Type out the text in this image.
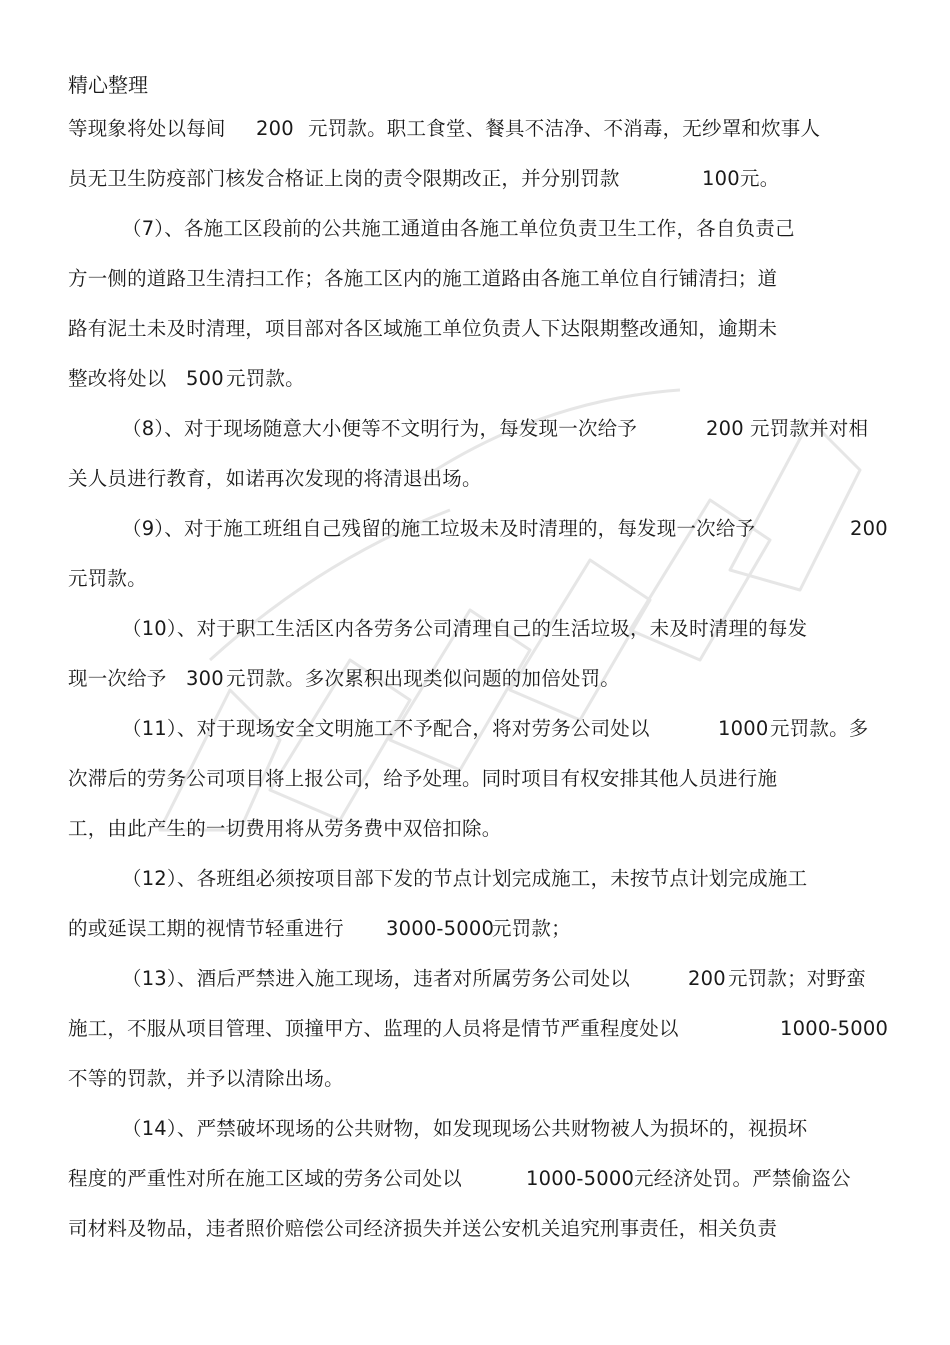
精心整理
等现象将处以每间 200 元罚款。职工食堂、餐具不洁净、不消毒，无纱罩和炊事人
员无卫生防疫部门核发合格证上岗的责令限期改正，并分别罚款	100 元。
（7）、各施工区段前的公共施工通道由各施工单位负责卫生工作，各自负责己
方一侧的道路卫生清扫工作；各施工区内的施工道路由各施工单位自行铺清扫；道
路有泥土未及时清理，项目部对各区域施工单位负责人下达限期整改通知，逾期未
整改将处以 500 元罚款。
（8）、对于现场随意大小便等不文明行为，每发现一次给予	200 元罚款并对相
关人员进行教育，如诺再次发现的将清退出场。
（9）、对于施工班组自己残留的施工垃圾未及时清理的，每发现一次给予	200
元罚款。
（10）、对于职工生活区内各劳务公司清理自己的生活垃圾，未及时清理的每发
现一次给予 300 元罚款。多次累积出现类似问题的加倍处罚。
（11）、对于现场安全文明施工不予配合，将对劳务公司处以	1000 元罚款。多
次滞后的劳务公司项目将上报公司，给予处理。同时项目有权安排其他人员进行施
工，由此产生的一切费用将从劳务费中双倍扣除。
（12）、各班组必须按项目部下发的节点计划完成施工，未按节点计划完成施工
的或延误工期的视情节轻重进行 3000-5000
元罚款；
（13）、酒后严禁进入施工现场，违者对所属劳务公司处以	200 元罚款；对野蛮
施工，不服从项目管理、顶撞甲方、监理的人员将是情节严重程度处以	1000-5000
不等的罚款，并予以清除出场。
（14）、严禁破坏现场的公共财物，如发现现场公共财物被人为损坏的，视损坏
程度的严重性对所在施工区域的劳务公司处以	1000-5000 元经济处罚。严禁偷盗公
司材料及物品，违者照价赔偿公司经济损失并送公安机关追究刑事责任，相关负责
